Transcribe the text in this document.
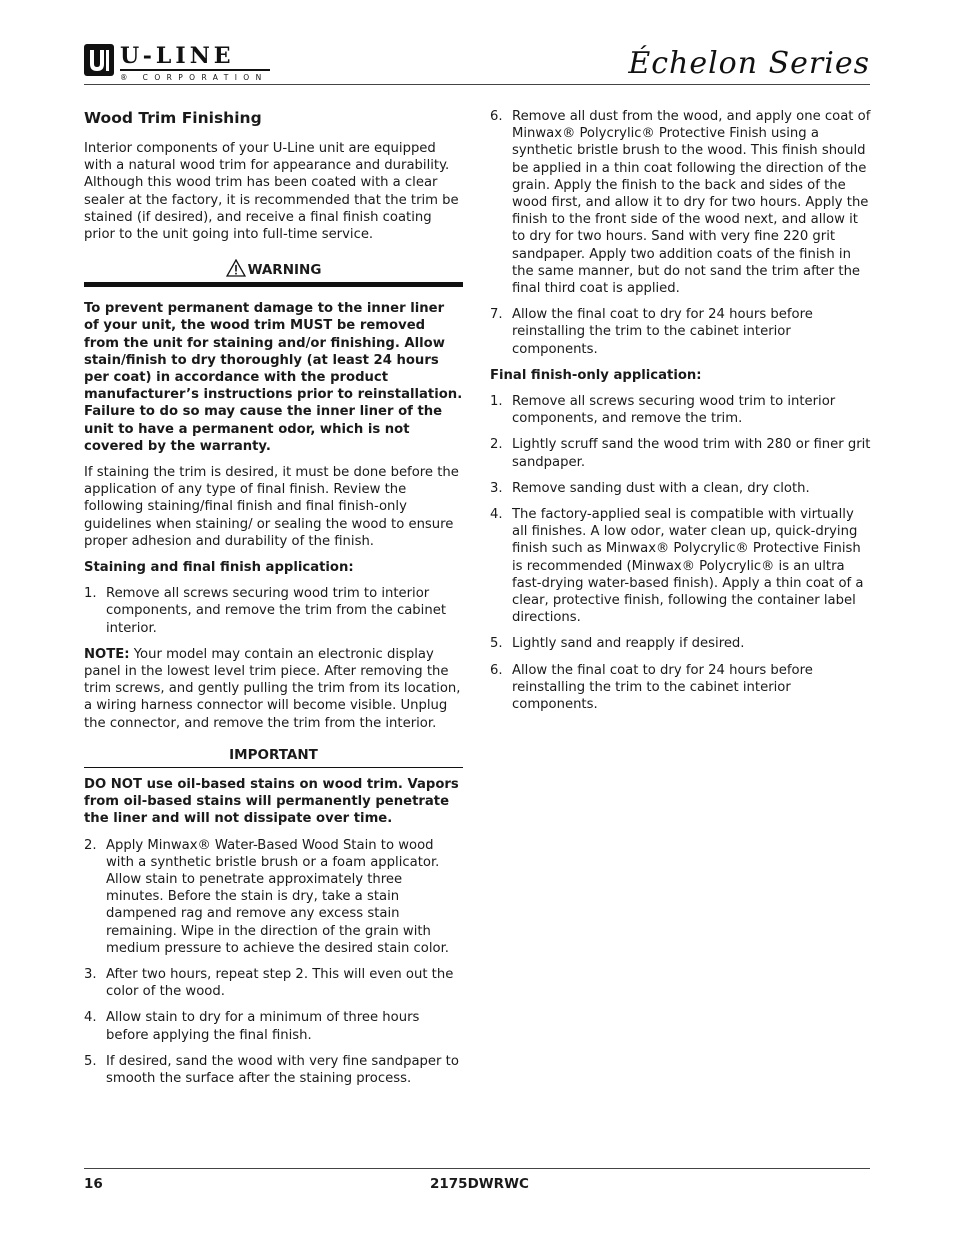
U-LINE
® CORPORATION	Échelon Series
Wood Trim Finishing

Interior components of your U-Line unit are equipped with a natural wood trim for appearance and durability. Although this wood trim has been coated with a clear sealer at the factory, it is recommended that the trim be stained (if desired), and receive a final finish coating prior to the unit going into full-time service.

WARNING
To prevent permanent damage to the inner liner of your unit, the wood trim MUST be removed from the unit for staining and/or finishing. Allow stain/finish to dry thoroughly (at least 24 hours per coat) in accordance with the product manufacturer’s instructions prior to reinstallation. Failure to do so may cause the inner liner of the unit to have a permanent odor, which is not covered by the warranty.

If staining the trim is desired, it must be done before the application of any type of final finish. Review the following staining/final finish and final finish-only guidelines when staining/ or sealing the wood to ensure proper adhesion and durability of the finish.

Staining and final finish application:
1. Remove all screws securing wood trim to interior components, and remove the trim from the cabinet interior.

NOTE: Your model may contain an electronic display panel in the lowest level trim piece. After removing the trim screws, and gently pulling the trim from its location, a wiring harness connector will become visible. Unplug the connector, and remove the trim from the interior.

IMPORTANT
DO NOT use oil-based stains on wood trim. Vapors from oil-based stains will permanently penetrate the liner and will not dissipate over time.
2. Apply Minwax® Water-Based Wood Stain to wood with a synthetic bristle brush or a foam applicator. Allow stain to penetrate approximately three minutes. Before the stain is dry, take a stain dampened rag and remove any excess stain remaining. Wipe in the direction of the grain with medium pressure to achieve the desired stain color.
3. After two hours, repeat step 2. This will even out the color of the wood.
4. Allow stain to dry for a minimum of three hours before applying the final finish.
5. If desired, sand the wood with very fine sandpaper to smooth the surface after the staining process.
6. Remove all dust from the wood, and apply one coat of Minwax® Polycrylic® Protective Finish using a synthetic bristle brush to the wood. This finish should be applied in a thin coat following the direction of the grain. Apply the finish to the back and sides of the wood first, and allow it to dry for two hours. Apply the finish to the front side of the wood next, and allow it to dry for two hours. Sand with very fine 220 grit sandpaper. Apply two addition coats of the finish in the same manner, but do not sand the trim after the final third coat is applied.
7. Allow the final coat to dry for 24 hours before reinstalling the trim to the cabinet interior components.
Final finish-only application:
1. Remove all screws securing wood trim to interior components, and remove the trim.
2. Lightly scruff sand the wood trim with 280 or finer grit sandpaper.
3. Remove sanding dust with a clean, dry cloth.
4. The factory-applied seal is compatible with virtually all finishes. A low odor, water clean up, quick-drying finish such as Minwax® Polycrylic® Protective Finish is recommended (Minwax® Polycrylic® is an ultra fast-drying water-based finish). Apply a thin coat of a clear, protective finish, following the container label directions.
5. Lightly sand and reapply if desired.
6. Allow the final coat to dry for 24 hours before reinstalling the trim to the cabinet interior components.
16	2175DWRWC
